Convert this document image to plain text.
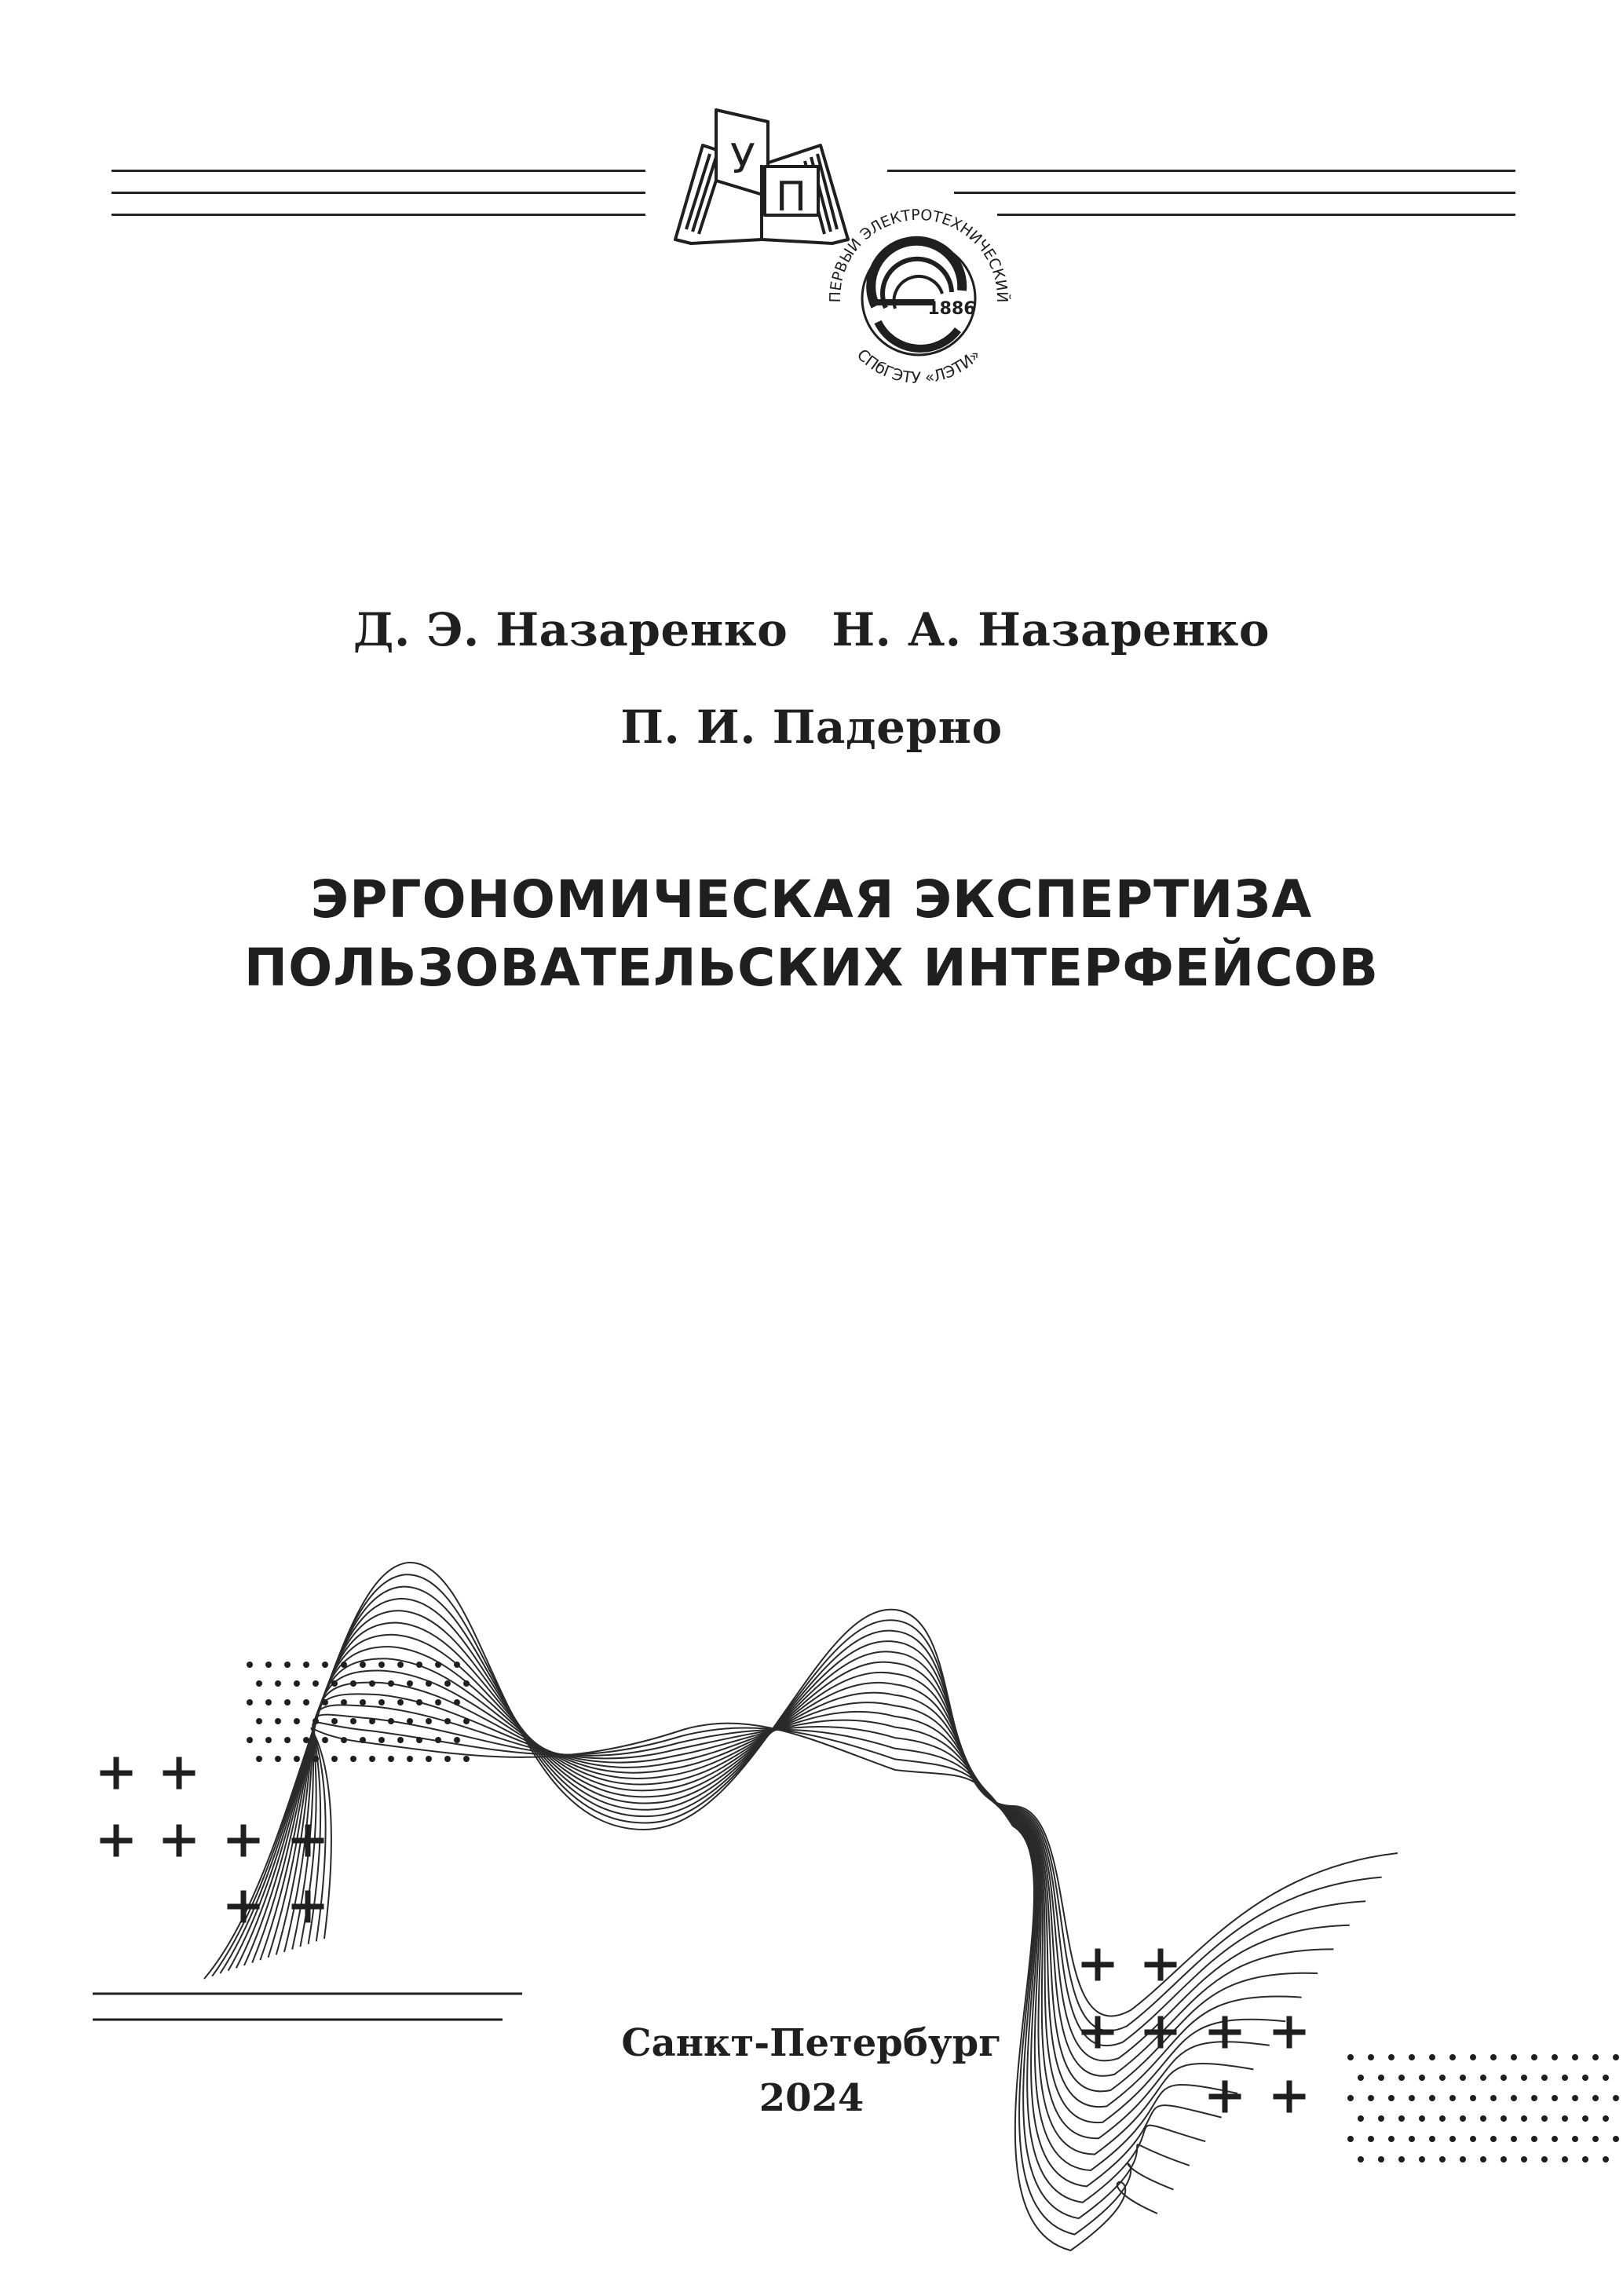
У
П
ПЕРВЫЙ ЭЛЕКТРОТЕХНИЧЕСКИЙ
СПбГЭТУ «ЛЭТИ»
1886
Д. Э. Назаренко Н. А. Назаренко
П. И. Падерно
ЭРГОНОМИЧЕСКАЯ ЭКСПЕРТИЗА
ПОЛЬЗОВАТЕЛЬСКИХ ИНТЕРФЕЙСОВ
Санкт-Петербург
2024
